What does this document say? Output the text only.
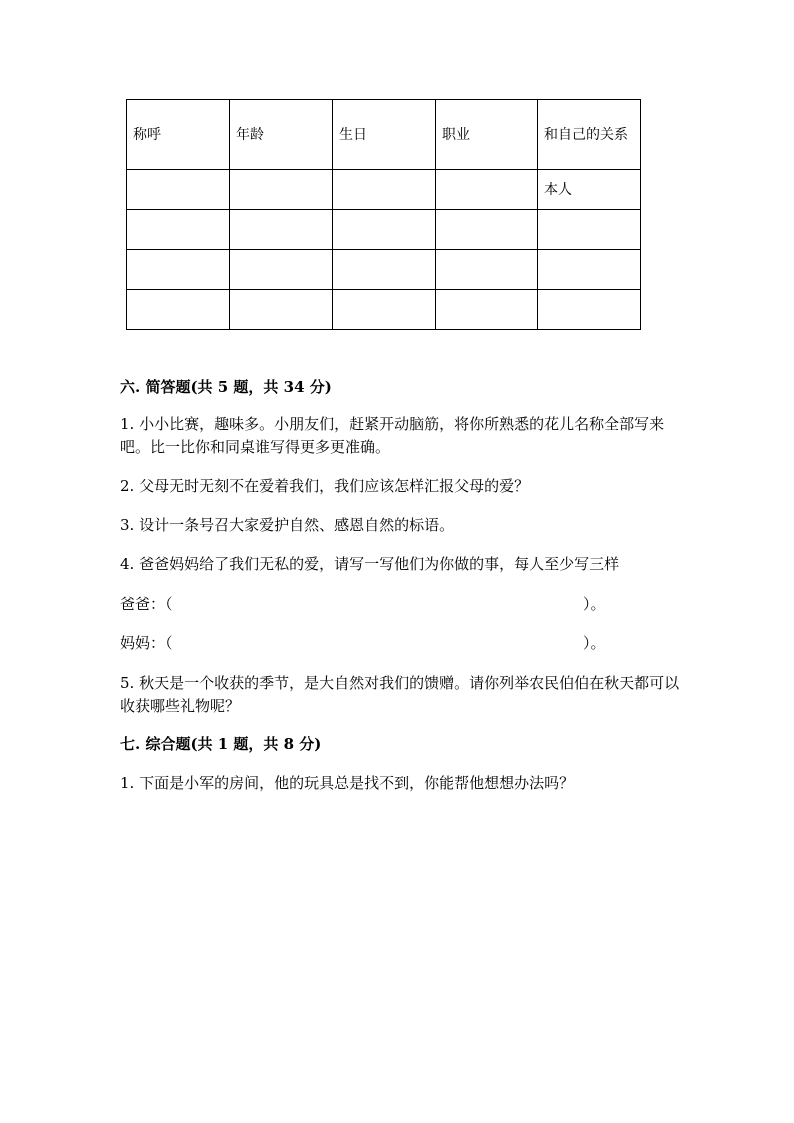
称呼	年龄	生日	职业	和自己的关系
				本人

六. 简答题(共 5 题，共 34 分)
1. 小小比赛，趣味多。小朋友们，赶紧开动脑筋，将你所熟悉的花儿名称全部写来吧。比一比你和同桌谁写得更多更准确。
2. 父母无时无刻不在爱着我们，我们应该怎样汇报父母的爱？
3. 设计一条号召大家爱护自然、感恩自然的标语。
4. 爸爸妈妈给了我们无私的爱，请写一写他们为你做的事，每人至少写三样
爸爸：（	）。
妈妈：（	）。
5. 秋天是一个收获的季节，是大自然对我们的馈赠。请你列举农民伯伯在秋天都可以收获哪些礼物呢？
七. 综合题(共 1 题，共 8 分)
1. 下面是小军的房间，他的玩具总是找不到，你能帮他想想办法吗？
